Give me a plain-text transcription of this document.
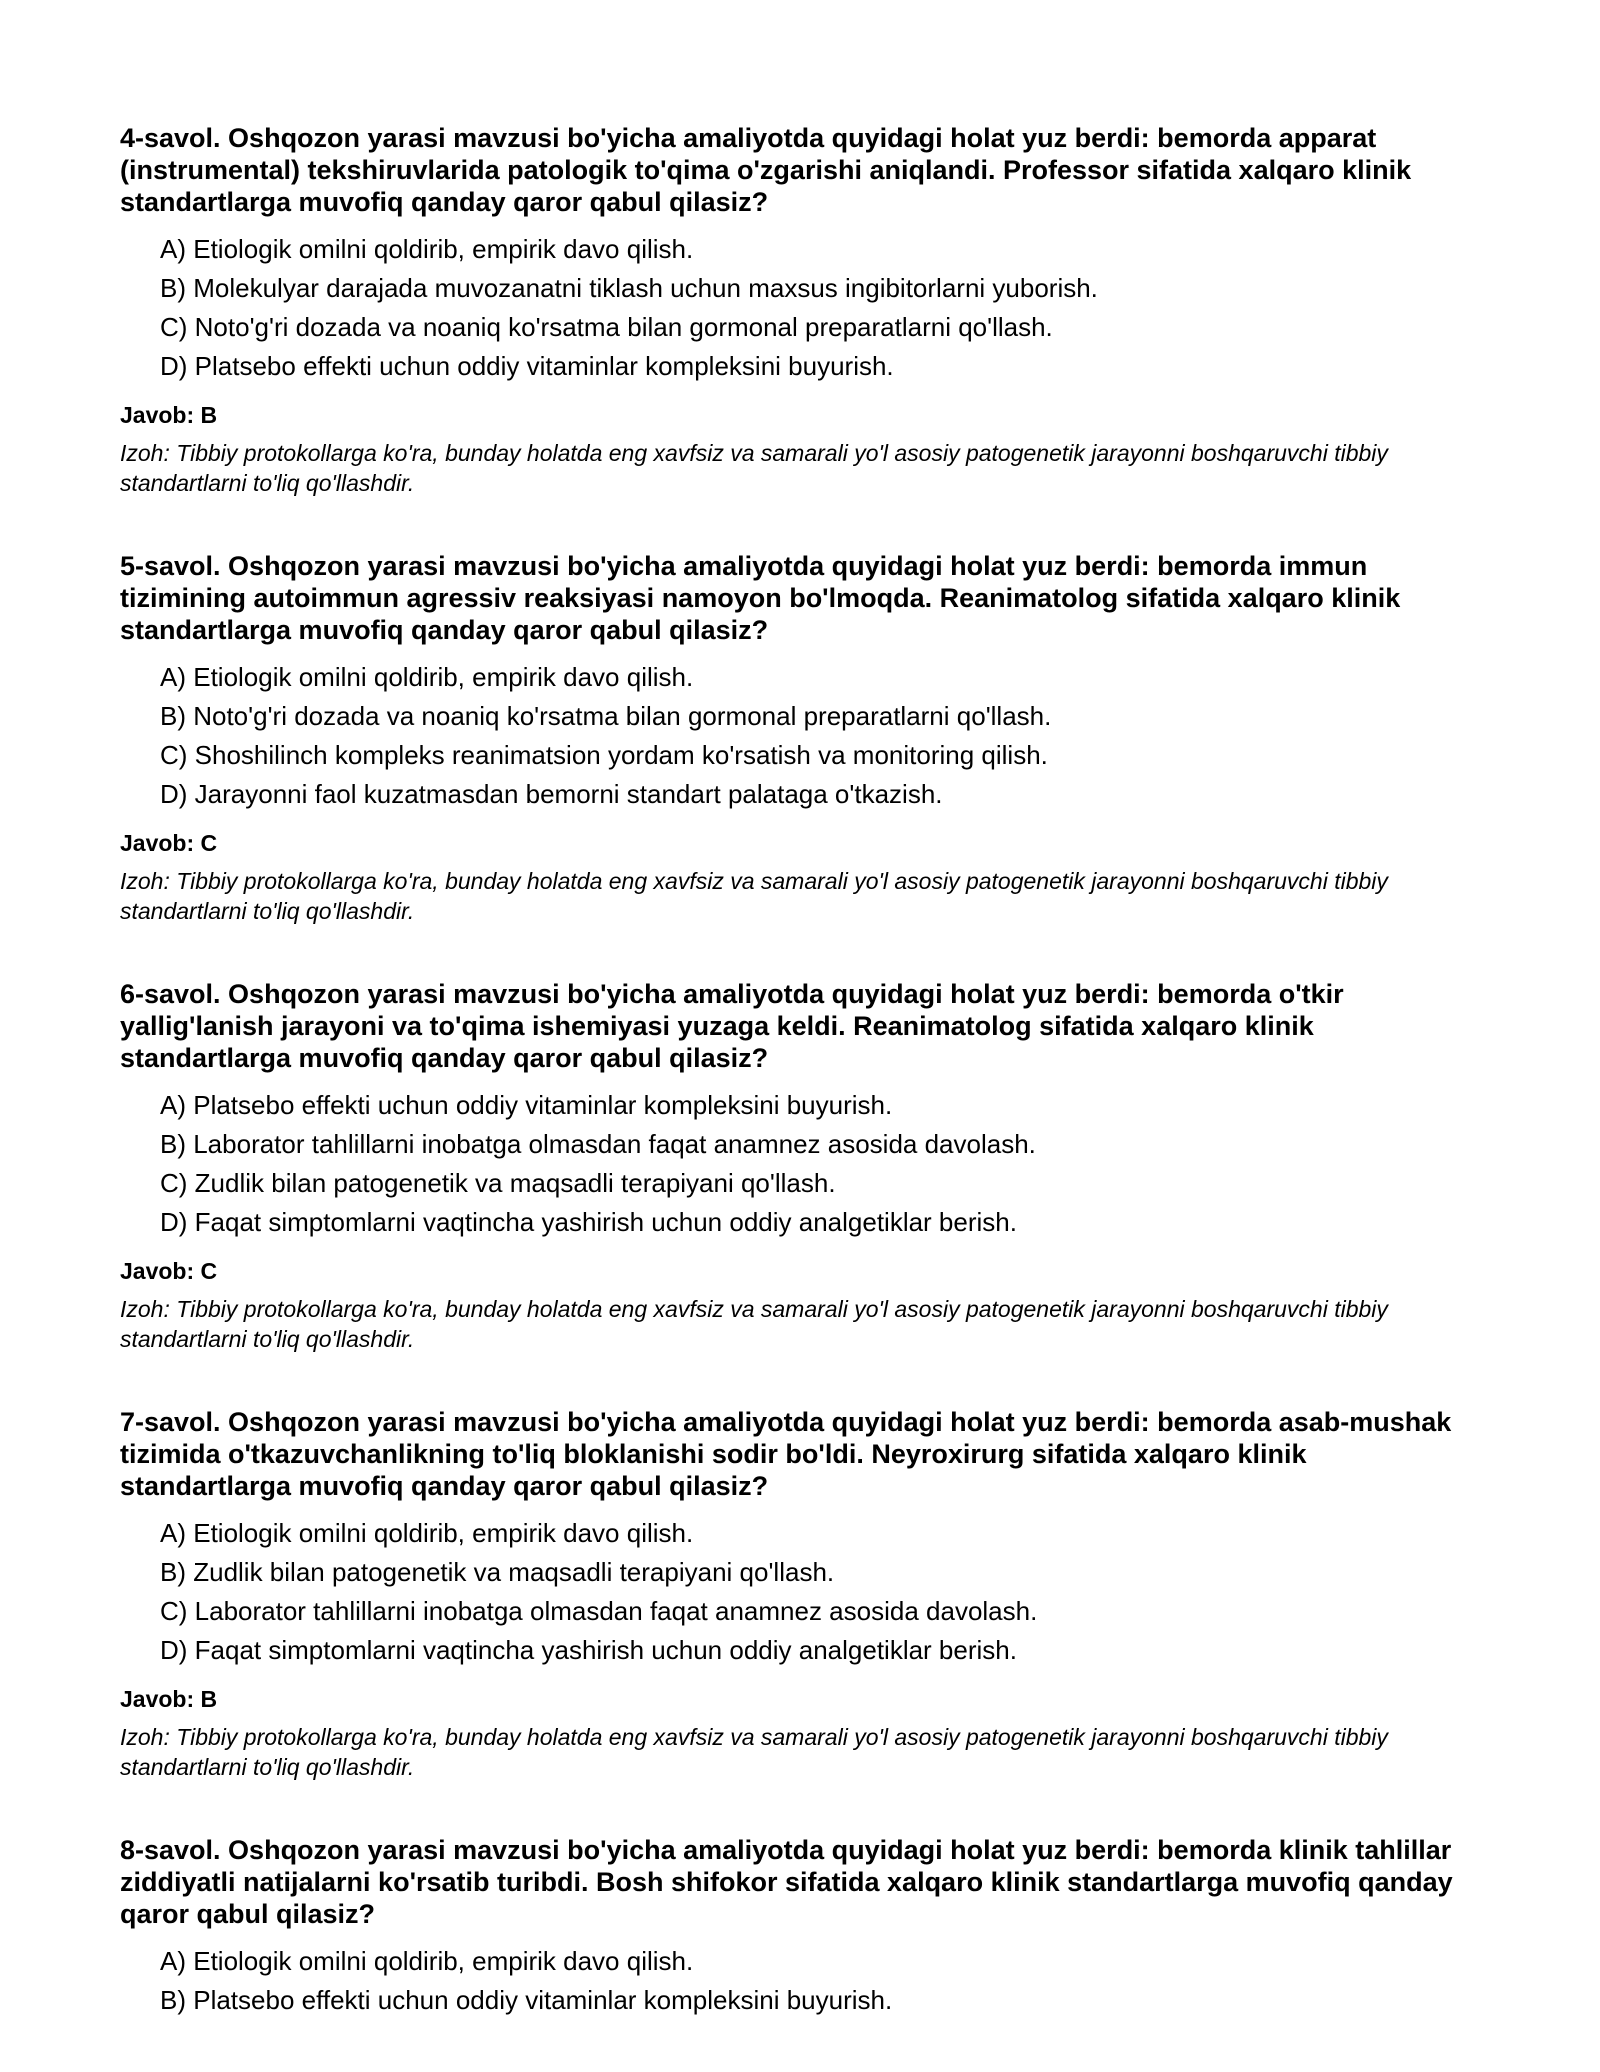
4-savol. Oshqozon yarasi mavzusi bo'yicha amaliyotda quyidagi holat yuz berdi: bemorda apparat (instrumental) tekshiruvlarida patologik to'qima o'zgarishi aniqlandi. Professor sifatida xalqaro klinik standartlarga muvofiq qanday qaror qabul qilasiz?

A) Etiologik omilni qoldirib, empirik davo qilish.
B) Molekulyar darajada muvozanatni tiklash uchun maxsus ingibitorlarni yuborish.
C) Noto'g'ri dozada va noaniq ko'rsatma bilan gormonal preparatlarni qo'llash.
D) Platsebo effekti uchun oddiy vitaminlar kompleksini buyurish.

Javob: B

Izoh: Tibbiy protokollarga ko'ra, bunday holatda eng xavfsiz va samarali yo'l asosiy patogenetik jarayonni boshqaruvchi tibbiy standartlarni to'liq qo'llashdir.

5-savol. Oshqozon yarasi mavzusi bo'yicha amaliyotda quyidagi holat yuz berdi: bemorda immun tizimining autoimmun agressiv reaksiyasi namoyon bo'lmoqda. Reanimatolog sifatida xalqaro klinik standartlarga muvofiq qanday qaror qabul qilasiz?

A) Etiologik omilni qoldirib, empirik davo qilish.
B) Noto'g'ri dozada va noaniq ko'rsatma bilan gormonal preparatlarni qo'llash.
C) Shoshilinch kompleks reanimatsion yordam ko'rsatish va monitoring qilish.
D) Jarayonni faol kuzatmasdan bemorni standart palataga o'tkazish.

Javob: C

Izoh: Tibbiy protokollarga ko'ra, bunday holatda eng xavfsiz va samarali yo'l asosiy patogenetik jarayonni boshqaruvchi tibbiy standartlarni to'liq qo'llashdir.

6-savol. Oshqozon yarasi mavzusi bo'yicha amaliyotda quyidagi holat yuz berdi: bemorda o'tkir yallig'lanish jarayoni va to'qima ishemiyasi yuzaga keldi. Reanimatolog sifatida xalqaro klinik standartlarga muvofiq qanday qaror qabul qilasiz?

A) Platsebo effekti uchun oddiy vitaminlar kompleksini buyurish.
B) Laborator tahlillarni inobatga olmasdan faqat anamnez asosida davolash.
C) Zudlik bilan patogenetik va maqsadli terapiyani qo'llash.
D) Faqat simptomlarni vaqtincha yashirish uchun oddiy analgetiklar berish.

Javob: C

Izoh: Tibbiy protokollarga ko'ra, bunday holatda eng xavfsiz va samarali yo'l asosiy patogenetik jarayonni boshqaruvchi tibbiy standartlarni to'liq qo'llashdir.

7-savol. Oshqozon yarasi mavzusi bo'yicha amaliyotda quyidagi holat yuz berdi: bemorda asab-mushak tizimida o'tkazuvchanlikning to'liq bloklanishi sodir bo'ldi. Neyroxirurg sifatida xalqaro klinik standartlarga muvofiq qanday qaror qabul qilasiz?

A) Etiologik omilni qoldirib, empirik davo qilish.
B) Zudlik bilan patogenetik va maqsadli terapiyani qo'llash.
C) Laborator tahlillarni inobatga olmasdan faqat anamnez asosida davolash.
D) Faqat simptomlarni vaqtincha yashirish uchun oddiy analgetiklar berish.

Javob: B

Izoh: Tibbiy protokollarga ko'ra, bunday holatda eng xavfsiz va samarali yo'l asosiy patogenetik jarayonni boshqaruvchi tibbiy standartlarni to'liq qo'llashdir.

8-savol. Oshqozon yarasi mavzusi bo'yicha amaliyotda quyidagi holat yuz berdi: bemorda klinik tahlillar ziddiyatli natijalarni ko'rsatib turibdi. Bosh shifokor sifatida xalqaro klinik standartlarga muvofiq qanday qaror qabul qilasiz?

A) Etiologik omilni qoldirib, empirik davo qilish.
B) Platsebo effekti uchun oddiy vitaminlar kompleksini buyurish.
